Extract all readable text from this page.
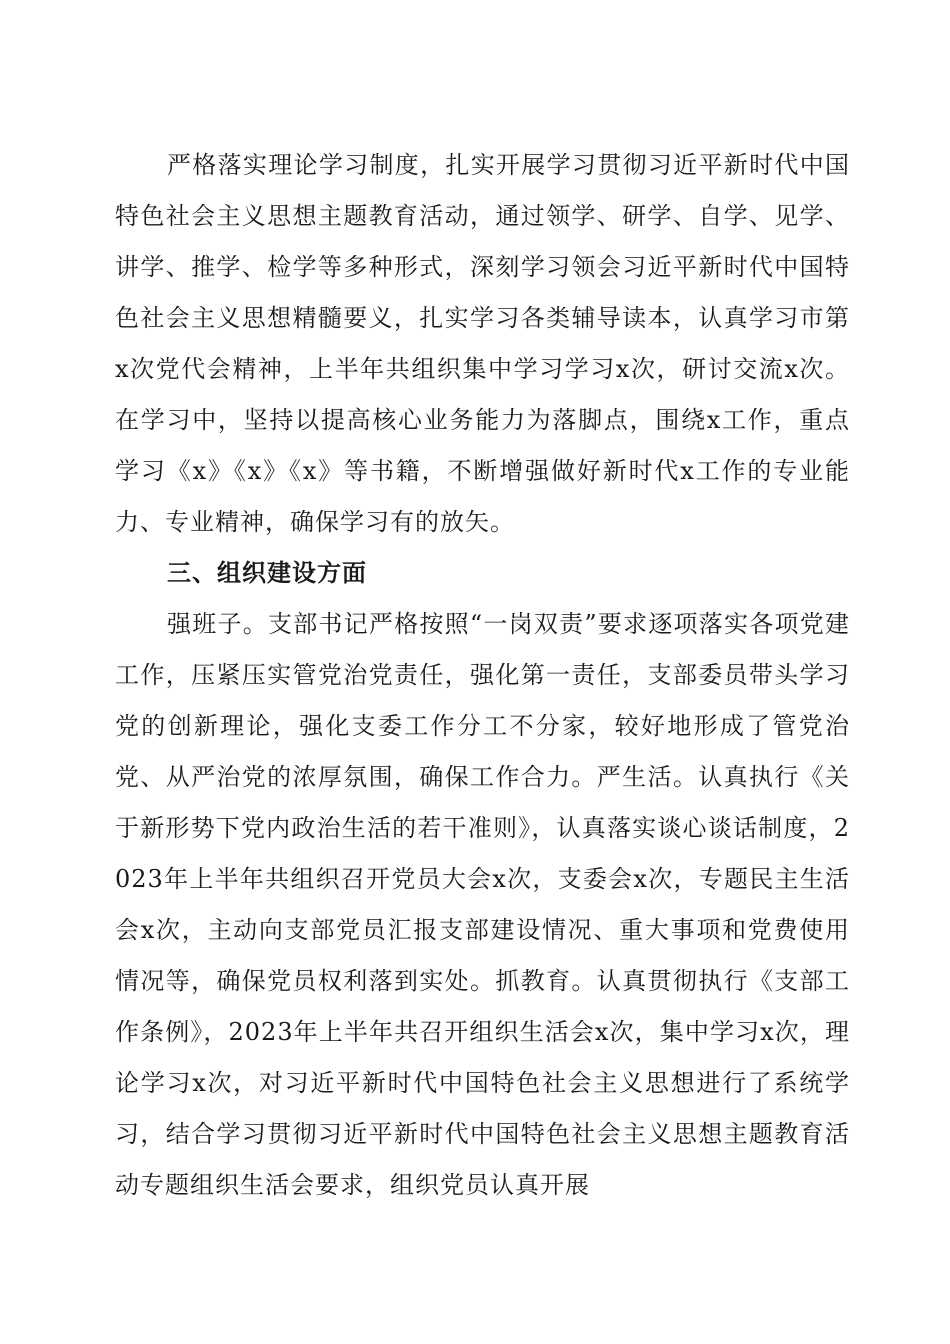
严格落实理论学习制度，扎实开展学习贯彻习近平新时代中国特色社会主义思想主题教育活动，通过领学、研学、自学、见学、讲学、推学、检学等多种形式，深刻学习领会习近平新时代中国特色社会主义思想精髓要义，扎实学习各类辅导读本，认真学习市第x次党代会精神，上半年共组织集中学习学习x次，研讨交流x次。在学习中，坚持以提高核心业务能力为落脚点，围绕x工作，重点学习《x》《x》《x》等书籍，不断增强做好新时代x工作的专业能力、专业精神，确保学习有的放矢。

三、组织建设方面

强班子。支部书记严格按照“一岗双责”要求逐项落实各项党建工作，压紧压实管党治党责任，强化第一责任，支部委员带头学习党的创新理论，强化支委工作分工不分家，较好地形成了管党治党、从严治党的浓厚氛围，确保工作合力。严生活。认真执行《关于新形势下党内政治生活的若干准则》，认真落实谈心谈话制度，2023年上半年共组织召开党员大会x次，支委会x次，专题民主生活会x次，主动向支部党员汇报支部建设情况、重大事项和党费使用情况等，确保党员权利落到实处。抓教育。认真贯彻执行《支部工作条例》，2023年上半年共召开组织生活会x次，集中学习x次，理论学习x次，对习近平新时代中国特色社会主义思想进行了系统学习，结合学习贯彻习近平新时代中国特色社会主义思想主题教育活动专题组织生活会要求，组织党员认真开展
